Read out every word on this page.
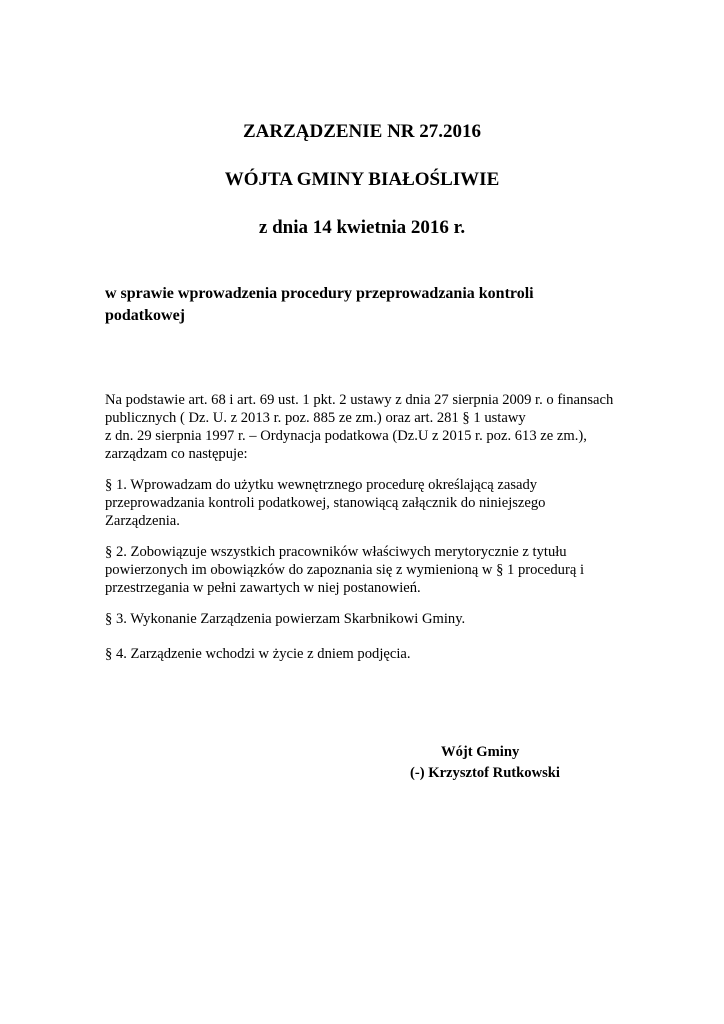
ZARZĄDZENIE NR 27.2016
WÓJTA GMINY BIAŁOŚLIWIE
z dnia 14 kwietnia 2016 r.
w sprawie wprowadzenia procedury przeprowadzania kontroli
podatkowej
Na podstawie art. 68 i art. 69 ust. 1 pkt. 2 ustawy z dnia 27 sierpnia 2009 r. o finansach
publicznych ( Dz. U. z 2013 r. poz. 885 ze zm.) oraz art. 281 § 1 ustawy
z dn. 29 sierpnia 1997 r. – Ordynacja podatkowa (Dz.U z 2015 r. poz. 613 ze zm.),
zarządzam co następuje:
§ 1. Wprowadzam do użytku wewnętrznego procedurę określającą zasady
przeprowadzania kontroli podatkowej, stanowiącą załącznik do niniejszego
Zarządzenia.
§ 2. Zobowiązuje wszystkich pracowników właściwych merytorycznie z tytułu
powierzonych im obowiązków do zapoznania się z wymienioną w § 1 procedurą i
przestrzegania w pełni zawartych w niej postanowień.
§ 3. Wykonanie Zarządzenia powierzam Skarbnikowi Gminy.
§ 4. Zarządzenie wchodzi w życie z dniem podjęcia.
Wójt Gminy
(-) Krzysztof Rutkowski
